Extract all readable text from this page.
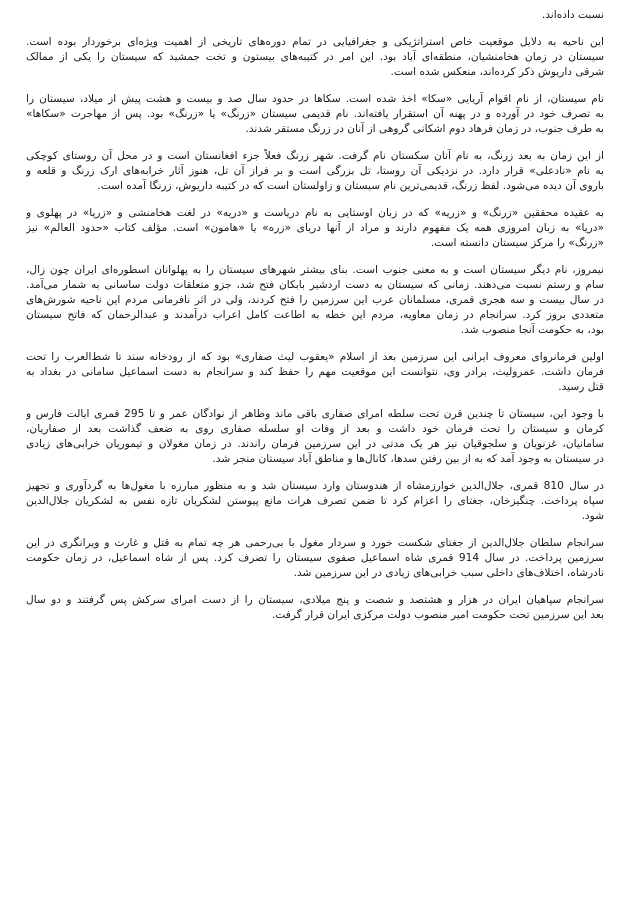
نسبت داده‌اند.
این ناحیه به دلایل موقعیت خاص استراتژیکی و جغرافیایی در تمام دوره‌های تاریخی از اهمیت ویژه‌ای برخوردار بوده است.
سیستان در زمان هخامنشیان، منطقه‌ای آباد بود. این امر در کتیبه‌های بیستون و تخت جمشید که سیستان را یکی از ممالک
شرقی داریوش ذکر کرده‌اند، منعکس شده است.
نام سیستان، از نام اقوام آریایی «سکا» اخذ شده است. سکاها در حدود سال صد و بیست و هشت پیش از میلاد، سیستان را
به تصرف خود در آورده و در پهنه آن استقرار یافته‌اند. نام قدیمی سیستان «زرنگ» یا «زرنگ» بود. پس از مهاجرت «سکاها»
به طرف جنوب، در زمان فرهاد دوم اشکانی گروهی از آنان در زرنگ مستقر شدند.
از این زمان به بعد زرنگ، به نام آنان سکستان نام گرفت. شهر زرنگ فعلاً جزء افغانستان است و در محل آن روستای کوچکی
به نام «نادعلی» قرار دارد. در نزدیکی آن روستا، تل بزرگی است و بر فراز آن تل، هنوز آثار خرابه‌های ارک زرنگ و قلعه و
باروی آن دیده می‌شود. لفظ زرنگ، قدیمی‌ترین نام سیستان و زاولستان است که در کتیبه داریوش، زرنگا آمده است.
به عقیده محققین «زرنگ» و «زریه» که در زبان اوستایی به نام دریاست و «دریه» در لغت هخامنشی و «زریا» در پهلوی و
«دریا» به زبان امروزی همه یک مفهوم دارند و مراد از آنها دریای «زره» یا «هامون» است. مؤلف کتاب «حدود العالم» نیز
«زرنگ» را مرکز سیستان دانسته است.
نیمروز، نام دیگر سیستان است و به معنی جنوب است. بنای بیشتر شهرهای سیستان را به پهلوانان اسطوره‌ای ایران چون زال،
سام و رستم نسبت می‌دهند. زمانی که سیستان به دست اردشیر بابکان فتح شد، جزو متعلقات دولت ساسانی به شمار می‌آمد.
در سال بیست و سه هجری قمری، مسلمانان عرب این سرزمین را فتح کردند، ولی در اثر نافرمانی مردم این ناحیه شورش‌های
متعددی بروز کرد. سرانجام در زمان معاویه، مردم این خطه به اطاعت کامل اعراب درآمدند و عبدالرحمان که فاتح سیستان
بود، به حکومت آنجا منصوب شد.
اولین فرمانروای معروف ایرانی این سرزمین بعد از اسلام «یعقوب لیث صفاری» بود که از رودخانه سند تا شط‌العرب را تحت
فرمان داشت. عمرولیث، برادر وی، نتوانست این موقعیت مهم را حفظ کند و سرانجام به دست اسماعیل سامانی در بغداد به
قتل رسید.
با وجود این، سیستان تا چندین قرن تحت سلطه امرای صفاری باقی ماند وطاهر از نوادگان عمر و تا 295 قمری ایالت فارس و
کرمان و سیستان را تحت فرمان خود داشت و بعد از وفات او سلسله صفاری روی به ضعف گذاشت بعد از صفاریان،
سامانیان، غزنویان و سلجوقیان نیز هر یک مدتی در این سرزمین فرمان راندند. در زمان مغولان و تیموریان خرابی‌های زیادی
در سیستان به وجود آمد که به از بین رفتن سدها، کانال‌ها و مناطق آباد سیستان منجر شد.
در سال 810 قمری، جلال‌الدین خوارزمشاه از هندوستان وارد سیستان شد و به منظور مبارزه با مغول‌ها به گردآوری و تجهیز
سپاه پرداخت. چنگیزخان، جغتای را اعزام کرد تا ضمن تصرف هرات مانع پیوستن لشکریان تازه نفس به لشکریان جلال‌الدین
شود.
سرانجام سلطان جلال‌الدین از جغتای شکست خورد و سردار مغول با بی‌رحمی هر چه تمام به قتل و غارت و ویرانگری در این
سرزمین پرداخت. در سال 914 قمری شاه اسماعیل صفوی سیستان را تصرف کرد. پس از شاه اسماعیل، در زمان حکومت
نادرشاه، اختلاف‌های داخلی سبب خرابی‌های زیادی در این سرزمین شد.
سرانجام سپاهیان ایران در هزار و هشتصد و شصت و پنج میلادی، سیستان را از دست امرای سرکش پس گرفتند و دو سال
بعد این سرزمین تحت حکومت امیر منصوب دولت مرکزی ایران قرار گرفت.
